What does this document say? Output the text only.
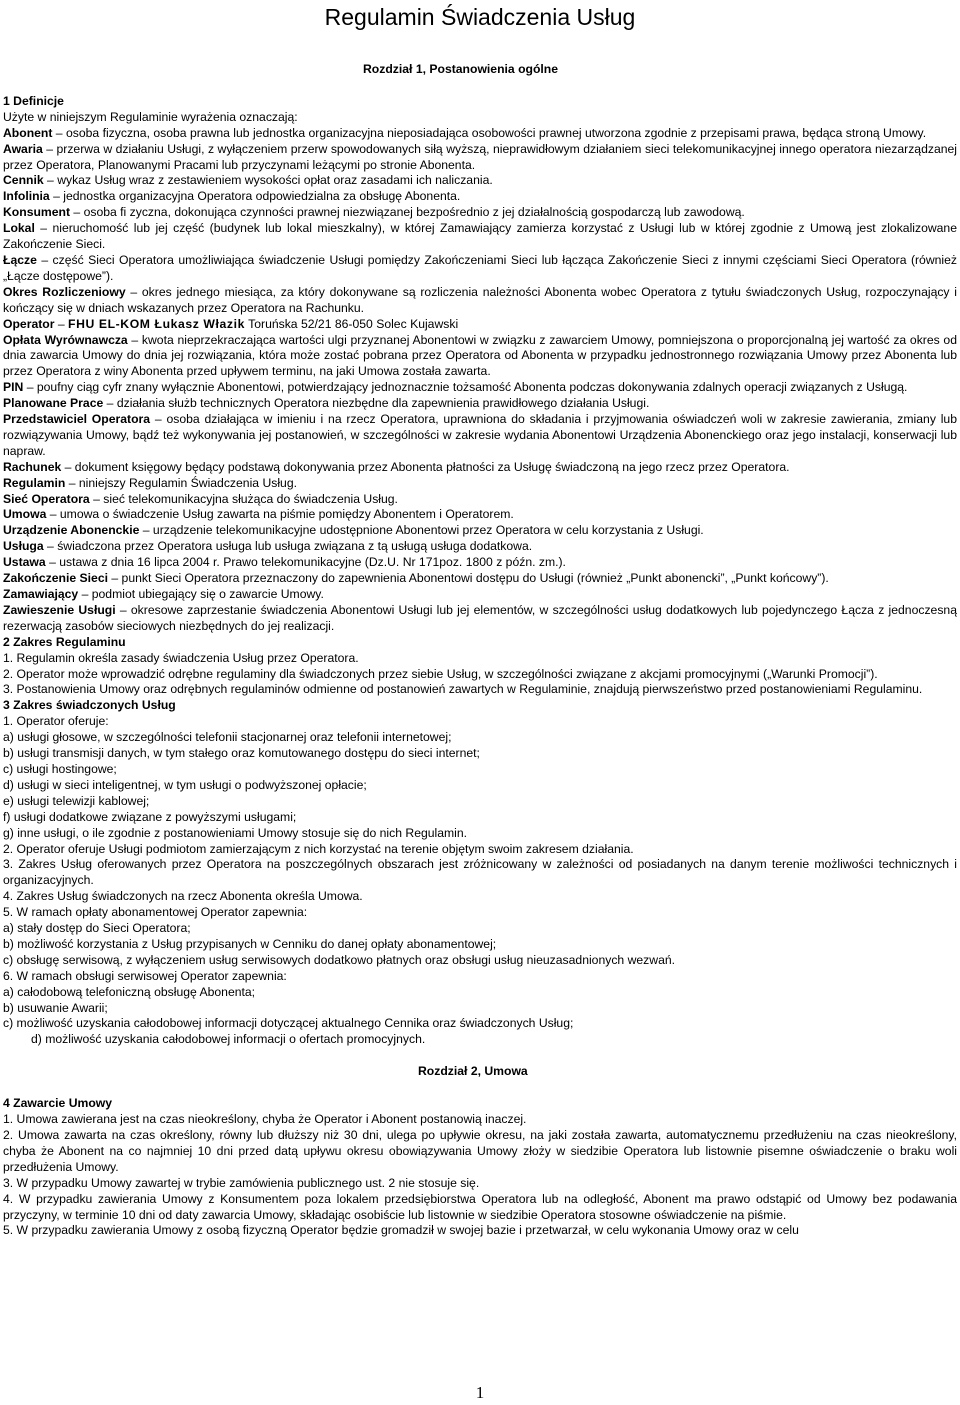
Regulamin Świadczenia Usług

Rozdział 1, Postanowienia ogólne

1 Definicje

Użyte w niniejszym Regulaminie wyrażenia oznaczają:

Abonent – osoba fizyczna, osoba prawna lub jednostka organizacyjna nieposiadająca osobowości prawnej utworzona zgodnie z przepisami prawa, będąca stroną Umowy.

Awaria – przerwa w działaniu Usługi, z wyłączeniem przerw spowodowanych siłą wyższą, nieprawidłowym działaniem sieci telekomunikacyjnej innego operatora niezarządzanej przez Operatora, Planowanymi Pracami lub przyczynami leżącymi po stronie Abonenta.

Cennik – wykaz Usług wraz z zestawieniem wysokości opłat oraz zasadami ich naliczania.

Infolinia – jednostka organizacyjna Operatora odpowiedzialna za obsługę Abonenta.

Konsument – osoba fi zyczna, dokonująca czynności prawnej niezwiązanej bezpośrednio z jej działalnością gospodarczą lub zawodową.

Lokal – nieruchomość lub jej część (budynek lub lokal mieszkalny), w której Zamawiający zamierza korzystać z Usługi lub w której zgodnie z Umową jest zlokalizowane Zakończenie Sieci.

Łącze – część Sieci Operatora umożliwiająca świadczenie Usługi pomiędzy Zakończeniami Sieci lub łącząca Zakończenie Sieci z innymi częściami Sieci Operatora (również „Łącze dostępowe”).

Okres Rozliczeniowy – okres jednego miesiąca, za który dokonywane są rozliczenia należności Abonenta wobec Operatora z tytułu świadczonych Usług, rozpoczynający i kończący się w dniach wskazanych przez Operatora na Rachunku.

Operator – FHU EL-KOM Łukasz Włazik Toruńska 52/21 86-050 Solec Kujawski

Opłata Wyrównawcza – kwota nieprzekraczająca wartości ulgi przyznanej Abonentowi w związku z zawarciem Umowy, pomniejszona o proporcjonalną jej wartość za okres od dnia zawarcia Umowy do dnia jej rozwiązania, która może zostać pobrana przez Operatora od Abonenta w przypadku jednostronnego rozwiązania Umowy przez Abonenta lub przez Operatora z winy Abonenta przed upływem terminu, na jaki Umowa została zawarta.

PIN – poufny ciąg cyfr znany wyłącznie Abonentowi, potwierdzający jednoznacznie tożsamość Abonenta podczas dokonywania zdalnych operacji związanych z Usługą.

Planowane Prace – działania służb technicznych Operatora niezbędne dla zapewnienia prawidłowego działania Usługi.

Przedstawiciel Operatora – osoba działająca w imieniu i na rzecz Operatora, uprawniona do składania i przyjmowania oświadczeń woli w zakresie zawierania, zmiany lub rozwiązywania Umowy, bądź też wykonywania jej postanowień, w szczególności w zakresie wydania Abonentowi Urządzenia Abonenckiego oraz jego instalacji, konserwacji lub napraw.

Rachunek – dokument księgowy będący podstawą dokonywania przez Abonenta płatności za Usługę świadczoną na jego rzecz przez Operatora.

Regulamin – niniejszy Regulamin Świadczenia Usług.

Sieć Operatora – sieć telekomunikacyjna służąca do świadczenia Usług.

Umowa – umowa o świadczenie Usług zawarta na piśmie pomiędzy Abonentem i Operatorem.

Urządzenie Abonenckie – urządzenie telekomunikacyjne udostępnione Abonentowi przez Operatora w celu korzystania z Usługi.

Usługa – świadczona przez Operatora usługa lub usługa związana z tą usługą usługa dodatkowa.

Ustawa – ustawa z dnia 16 lipca 2004 r. Prawo telekomunikacyjne (Dz.U. Nr 171poz. 1800 z późn. zm.).

Zakończenie Sieci – punkt Sieci Operatora przeznaczony do zapewnienia Abonentowi dostępu do Usługi (również „Punkt abonencki”, „Punkt końcowy”).

Zamawiający – podmiot ubiegający się o zawarcie Umowy.

Zawieszenie Usługi – okresowe zaprzestanie świadczenia Abonentowi Usługi lub jej elementów, w szczególności usług dodatkowych lub pojedynczego Łącza z jednoczesną rezerwacją zasobów sieciowych niezbędnych do jej realizacji.

2 Zakres Regulaminu

1. Regulamin określa zasady świadczenia Usług przez Operatora.

2. Operator może wprowadzić odrębne regulaminy dla świadczonych przez siebie Usług, w szczególności związane z akcjami promocyjnymi („Warunki Promocji”).

3. Postanowienia Umowy oraz odrębnych regulaminów odmienne od postanowień zawartych w Regulaminie, znajdują pierwszeństwo przed postanowieniami Regulaminu.

3 Zakres świadczonych Usług

1. Operator oferuje:

a) usługi głosowe, w szczególności telefonii stacjonarnej oraz telefonii internetowej;

b) usługi transmisji danych, w tym stałego oraz komutowanego dostępu do sieci internet;

c) usługi hostingowe;

d) usługi w sieci inteligentnej, w tym usługi o podwyższonej opłacie;

e) usługi telewizji kablowej;

f) usługi dodatkowe związane z powyższymi usługami;

g) inne usługi, o ile zgodnie z postanowieniami Umowy stosuje się do nich Regulamin.

2. Operator oferuje Usługi podmiotom zamierzającym z nich korzystać na terenie objętym swoim zakresem działania.

3. Zakres Usług oferowanych przez Operatora na poszczególnych obszarach jest zróżnicowany w zależności od posiadanych na danym terenie możliwości technicznych i organizacyjnych.

4. Zakres Usług świadczonych na rzecz Abonenta określa Umowa.

5. W ramach opłaty abonamentowej Operator zapewnia:

a) stały dostęp do Sieci Operatora;

b) możliwość korzystania z Usług przypisanych w Cenniku do danej opłaty abonamentowej;

c) obsługę serwisową, z wyłączeniem usług serwisowych dodatkowo płatnych oraz obsługi usług nieuzasadnionych wezwań.

6. W ramach obsługi serwisowej Operator zapewnia:

a) całodobową telefoniczną obsługę Abonenta;

b) usuwanie Awarii;

c) możliwość uzyskania całodobowej informacji dotyczącej aktualnego Cennika oraz świadczonych Usług;

d) możliwość uzyskania całodobowej informacji o ofertach promocyjnych.

Rozdział 2, Umowa

4 Zawarcie Umowy

1. Umowa zawierana jest na czas nieokreślony, chyba że Operator i Abonent postanowią inaczej.

2. Umowa zawarta na czas określony, równy lub dłuższy niż 30 dni, ulega po upływie okresu, na jaki została zawarta, automatycznemu przedłużeniu na czas nieokreślony, chyba że Abonent na co najmniej 10 dni przed datą upływu okresu obowiązywania Umowy złoży w siedzibie Operatora lub listownie pisemne oświadczenie o braku woli przedłużenia Umowy.

3. W przypadku Umowy zawartej w trybie zamówienia publicznego ust. 2 nie stosuje się.

4. W przypadku zawierania Umowy z Konsumentem poza lokalem przedsiębiorstwa Operatora lub na odległość, Abonent ma prawo odstąpić od Umowy bez podawania przyczyny, w terminie 10 dni od daty zawarcia Umowy, składając osobiście lub listownie w siedzibie Operatora stosowne oświadczenie na piśmie.

5. W przypadku zawierania Umowy z osobą fizyczną Operator będzie gromadził w swojej bazie i przetwarzał, w celu wykonania Umowy oraz w celu

1
